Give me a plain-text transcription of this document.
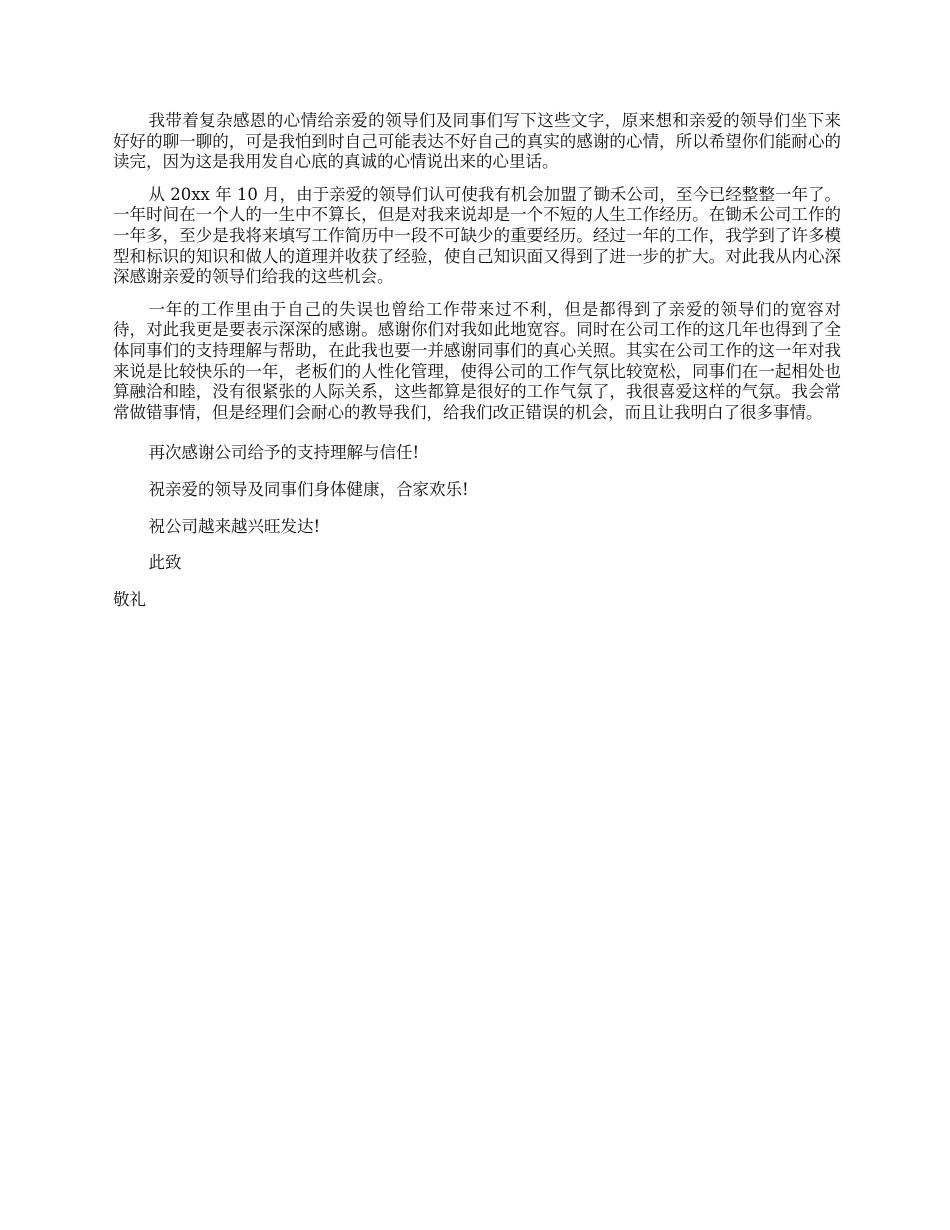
我带着复杂感恩的心情给亲爱的领导们及同事们写下这些文字，原来想和亲爱的领导们坐下来好好的聊一聊的，可是我怕到时自己可能表达不好自己的真实的感谢的心情，所以希望你们能耐心的读完，因为这是我用发自心底的真诚的心情说出来的心里话。

从 20xx 年 10 月，由于亲爱的领导们认可使我有机会加盟了锄禾公司，至今已经整整一年了。一年时间在一个人的一生中不算长，但是对我来说却是一个不短的人生工作经历。在锄禾公司工作的一年多，至少是我将来填写工作简历中一段不可缺少的重要经历。经过一年的工作，我学到了许多模型和标识的知识和做人的道理并收获了经验，使自己知识面又得到了进一步的扩大。对此我从内心深深感谢亲爱的领导们给我的这些机会。

一年的工作里由于自己的失误也曾给工作带来过不利，但是都得到了亲爱的领导们的宽容对待，对此我更是要表示深深的感谢。感谢你们对我如此地宽容。同时在公司工作的这几年也得到了全体同事们的支持理解与帮助，在此我也要一并感谢同事们的真心关照。其实在公司工作的这一年对我来说是比较快乐的一年，老板们的人性化管理，使得公司的工作气氛比较宽松，同事们在一起相处也算融洽和睦，没有很紧张的人际关系，这些都算是很好的工作气氛了，我很喜爱这样的气氛。我会常常做错事情，但是经理们会耐心的教导我们，给我们改正错误的机会，而且让我明白了很多事情。

再次感谢公司给予的支持理解与信任!

祝亲爱的领导及同事们身体健康，合家欢乐!

祝公司越来越兴旺发达!

此致

敬礼
